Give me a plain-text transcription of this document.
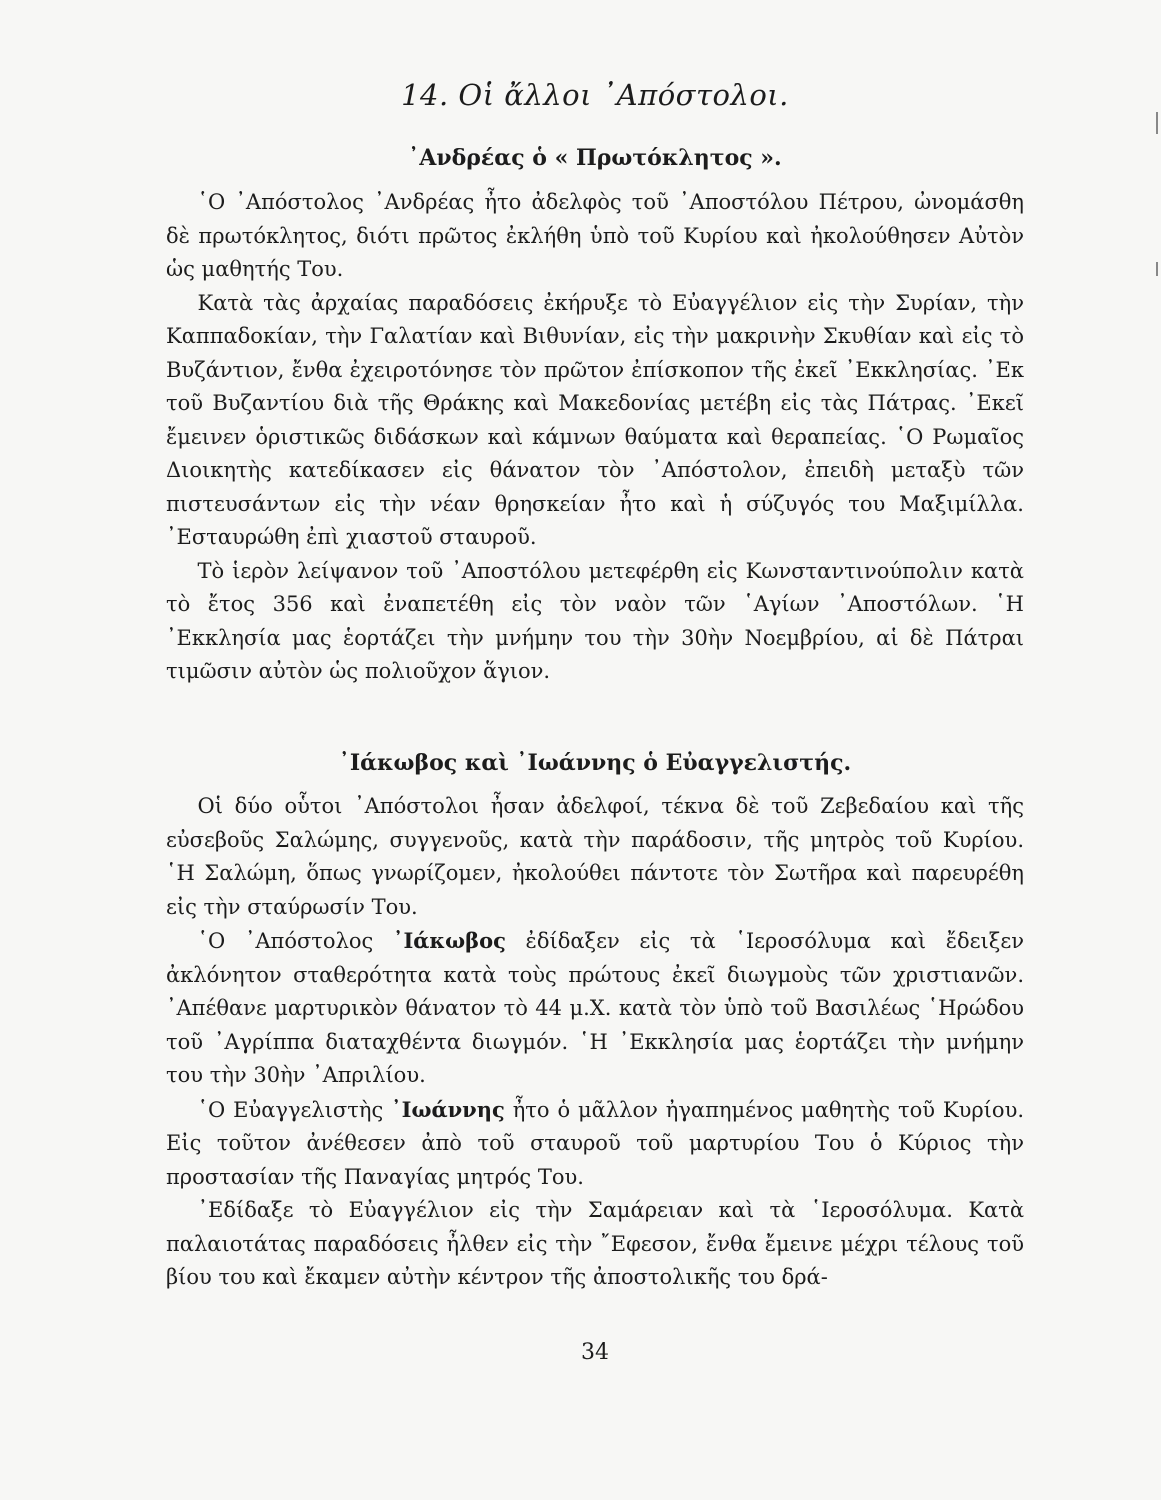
14. Οἱ ἄλλοι ᾿Απόστολοι.
᾿Ανδρέας ὁ « Πρωτόκλητος ».

῾Ο ᾿Απόστολος ᾿Ανδρέας ἦτο ἀδελφὸς τοῦ ᾿Αποστόλου Πέτρου, ὠνομάσθη δὲ πρωτόκλητος, διότι πρῶτος ἐκλήθη ὑπὸ τοῦ Κυρίου καὶ ἠκολούθησεν Αὐτὸν ὡς μαθητής Του.

Κατὰ τὰς ἀρχαίας παραδόσεις ἐκήρυξε τὸ Εὐαγγέλιον εἰς τὴν Συρίαν, τὴν Καππαδοκίαν, τὴν Γαλατίαν καὶ Βιθυνίαν, εἰς τὴν μακρινὴν Σκυθίαν καὶ εἰς τὸ Βυζάντιον, ἔνθα ἐχειροτόνησε τὸν πρῶτον ἐπίσκοπον τῆς ἐκεῖ ᾿Εκκλησίας. ᾿Εκ τοῦ Βυζαντίου διὰ τῆς Θράκης καὶ Μακεδονίας μετέβη εἰς τὰς Πάτρας. ᾿Εκεῖ ἔμεινεν ὁριστικῶς διδάσκων καὶ κάμνων θαύματα καὶ θεραπείας. ῾Ο Ρωμαῖος Διοικητὴς κατεδίκασεν εἰς θάνατον τὸν ᾿Απόστολον, ἐπειδὴ μεταξὺ τῶν πιστευσάντων εἰς τὴν νέαν θρησκείαν ἦτο καὶ ἡ σύζυγός του Μαξιμίλλα. ᾿Εσταυρώθη ἐπὶ χιαστοῦ σταυροῦ.

Τὸ ἱερὸν λείψανον τοῦ ᾿Αποστόλου μετεφέρθη εἰς Κωνσταντινούπολιν κατὰ τὸ ἔτος 356 καὶ ἐναπετέθη εἰς τὸν ναὸν τῶν ῾Αγίων ᾿Αποστόλων. ῾Η ᾿Εκκλησία μας ἑορτάζει τὴν μνήμην του τὴν 30ὴν Νοεμβρίου, αἱ δὲ Πάτραι τιμῶσιν αὐτὸν ὡς πολιοῦχον ἅγιον.

᾿Ιάκωβος καὶ ᾿Ιωάννης ὁ Εὐαγγελιστής.

Οἱ δύο οὗτοι ᾿Απόστολοι ἦσαν ἀδελφοί, τέκνα δὲ τοῦ Ζεβεδαίου καὶ τῆς εὐσεβοῦς Σαλώμης, συγγενοῦς, κατὰ τὴν παράδοσιν, τῆς μητρὸς τοῦ Κυρίου. ῾Η Σαλώμη, ὅπως γνωρίζομεν, ἠκολούθει πάντοτε τὸν Σωτῆρα καὶ παρευρέθη εἰς τὴν σταύρωσίν Του.

῾Ο ᾿Απόστολος ᾿Ιάκωβος ἐδίδαξεν εἰς τὰ ῾Ιεροσόλυμα καὶ ἔδειξεν ἀκλόνητον σταθερότητα κατὰ τοὺς πρώτους ἐκεῖ διωγμοὺς τῶν χριστιανῶν. ᾿Απέθανε μαρτυρικὸν θάνατον τὸ 44 μ.Χ. κατὰ τὸν ὑπὸ τοῦ Βασιλέως ῾Ηρώδου τοῦ ᾿Αγρίππα διαταχθέντα διωγμόν. ῾Η ᾿Εκκλησία μας ἑορτάζει τὴν μνήμην του τὴν 30ὴν ᾿Απριλίου.

῾Ο Εὐαγγελιστὴς ᾿Ιωάννης ἦτο ὁ μᾶλλον ἠγαπημένος μαθητὴς τοῦ Κυρίου. Εἰς τοῦτον ἀνέθεσεν ἀπὸ τοῦ σταυροῦ τοῦ μαρτυρίου Του ὁ Κύριος τὴν προστασίαν τῆς Παναγίας μητρός Του.

᾿Εδίδαξε τὸ Εὐαγγέλιον εἰς τὴν Σαμάρειαν καὶ τὰ ῾Ιεροσόλυμα. Κατὰ παλαιοτάτας παραδόσεις ἦλθεν εἰς τὴν ῎Εφεσον, ἔνθα ἔμεινε μέχρι τέλους τοῦ βίου του καὶ ἔκαμεν αὐτὴν κέντρον τῆς ἀποστολικῆς του δρά-

34
